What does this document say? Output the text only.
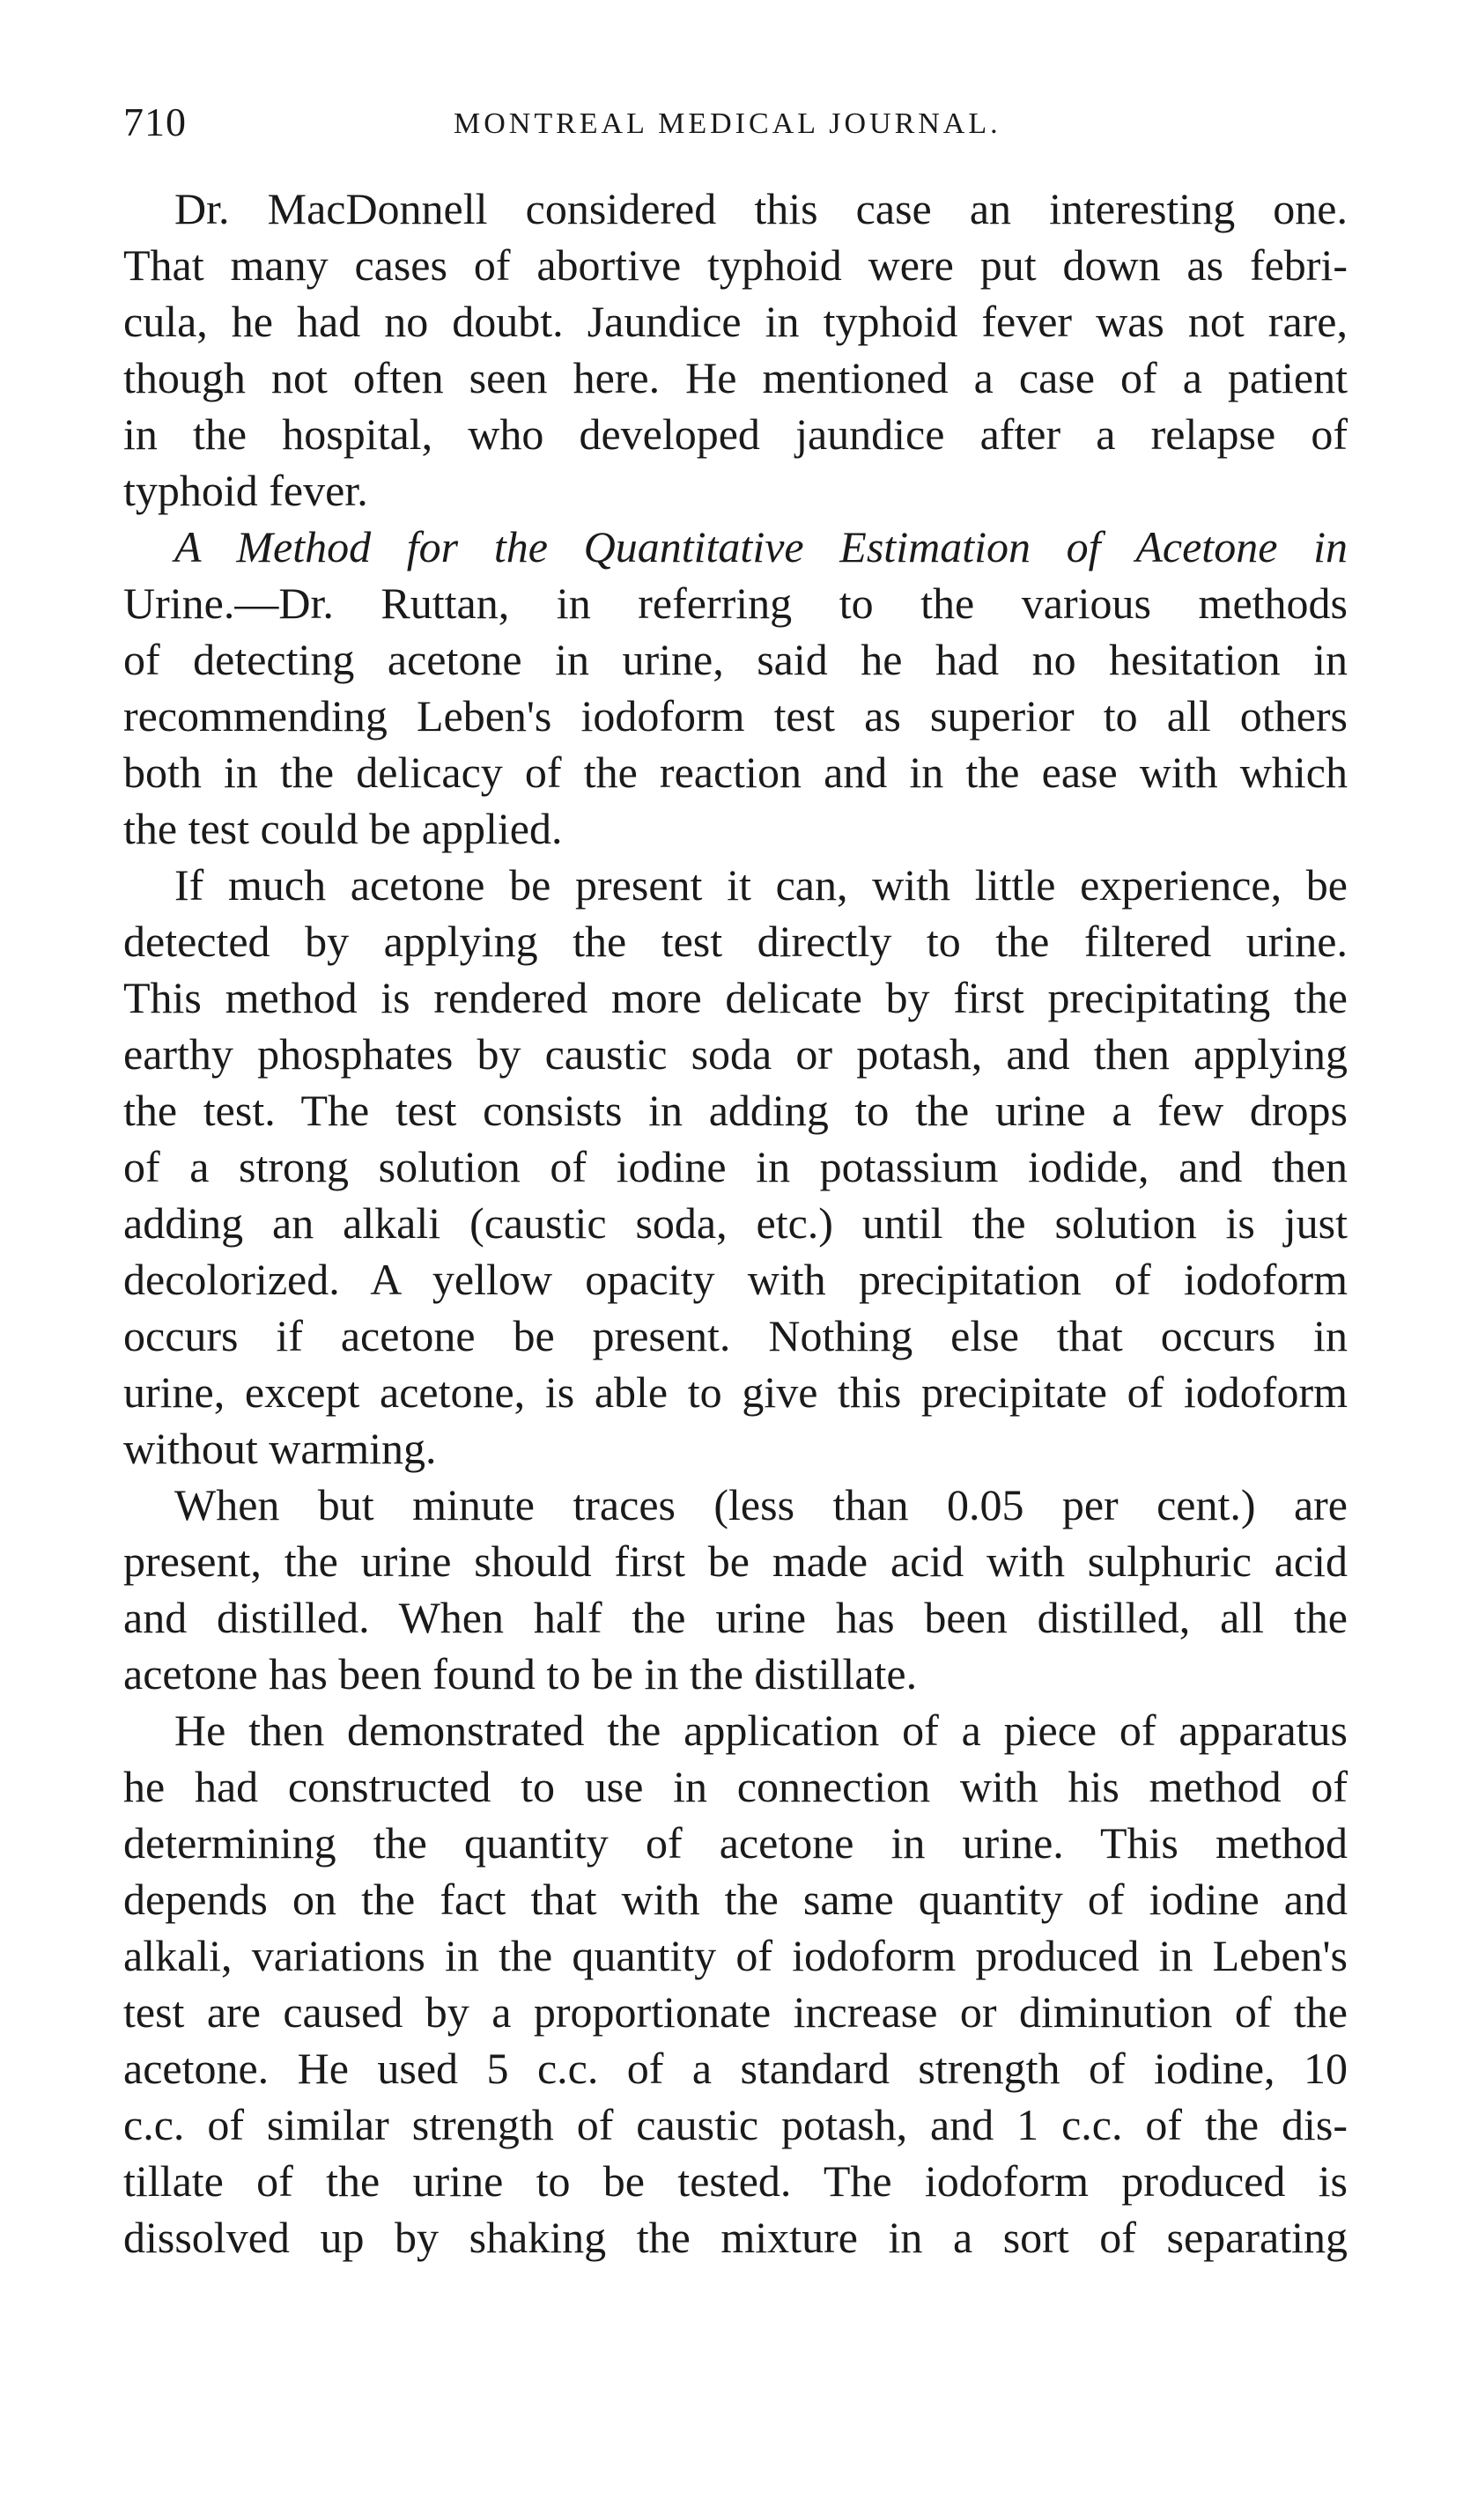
710	MONTREAL MEDICAL JOURNAL.
Dr. MacDonnell considered this case an interesting one.
That many cases of abortive typhoid were put down as febri-
cula, he had no doubt. Jaundice in typhoid fever was not rare,
though not often seen here. He mentioned a case of a patient
in the hospital, who developed jaundice after a relapse of
typhoid fever.
A Method for the Quantitative Estimation of Acetone in
Urine.—Dr. Ruttan, in referring to the various methods
of detecting acetone in urine, said he had no hesitation in
recommending Leben's iodoform test as superior to all others
both in the delicacy of the reaction and in the ease with which
the test could be applied.
If much acetone be present it can, with little experience, be
detected by applying the test directly to the filtered urine.
This method is rendered more delicate by first precipitating the
earthy phosphates by caustic soda or potash, and then applying
the test. The test consists in adding to the urine a few drops
of a strong solution of iodine in potassium iodide, and then
adding an alkali (caustic soda, etc.) until the solution is just
decolorized. A yellow opacity with precipitation of iodoform
occurs if acetone be present. Nothing else that occurs in
urine, except acetone, is able to give this precipitate of iodoform
without warming.
When but minute traces (less than 0.05 per cent.) are
present, the urine should first be made acid with sulphuric acid
and distilled. When half the urine has been distilled, all the
acetone has been found to be in the distillate.
He then demonstrated the application of a piece of apparatus
he had constructed to use in connection with his method of
determining the quantity of acetone in urine. This method
depends on the fact that with the same quantity of iodine and
alkali, variations in the quantity of iodoform produced in Leben's
test are caused by a proportionate increase or diminution of the
acetone. He used 5 c.c. of a standard strength of iodine, 10
c.c. of similar strength of caustic potash, and 1 c.c. of the dis-
tillate of the urine to be tested. The iodoform produced is
dissolved up by shaking the mixture in a sort of separating
